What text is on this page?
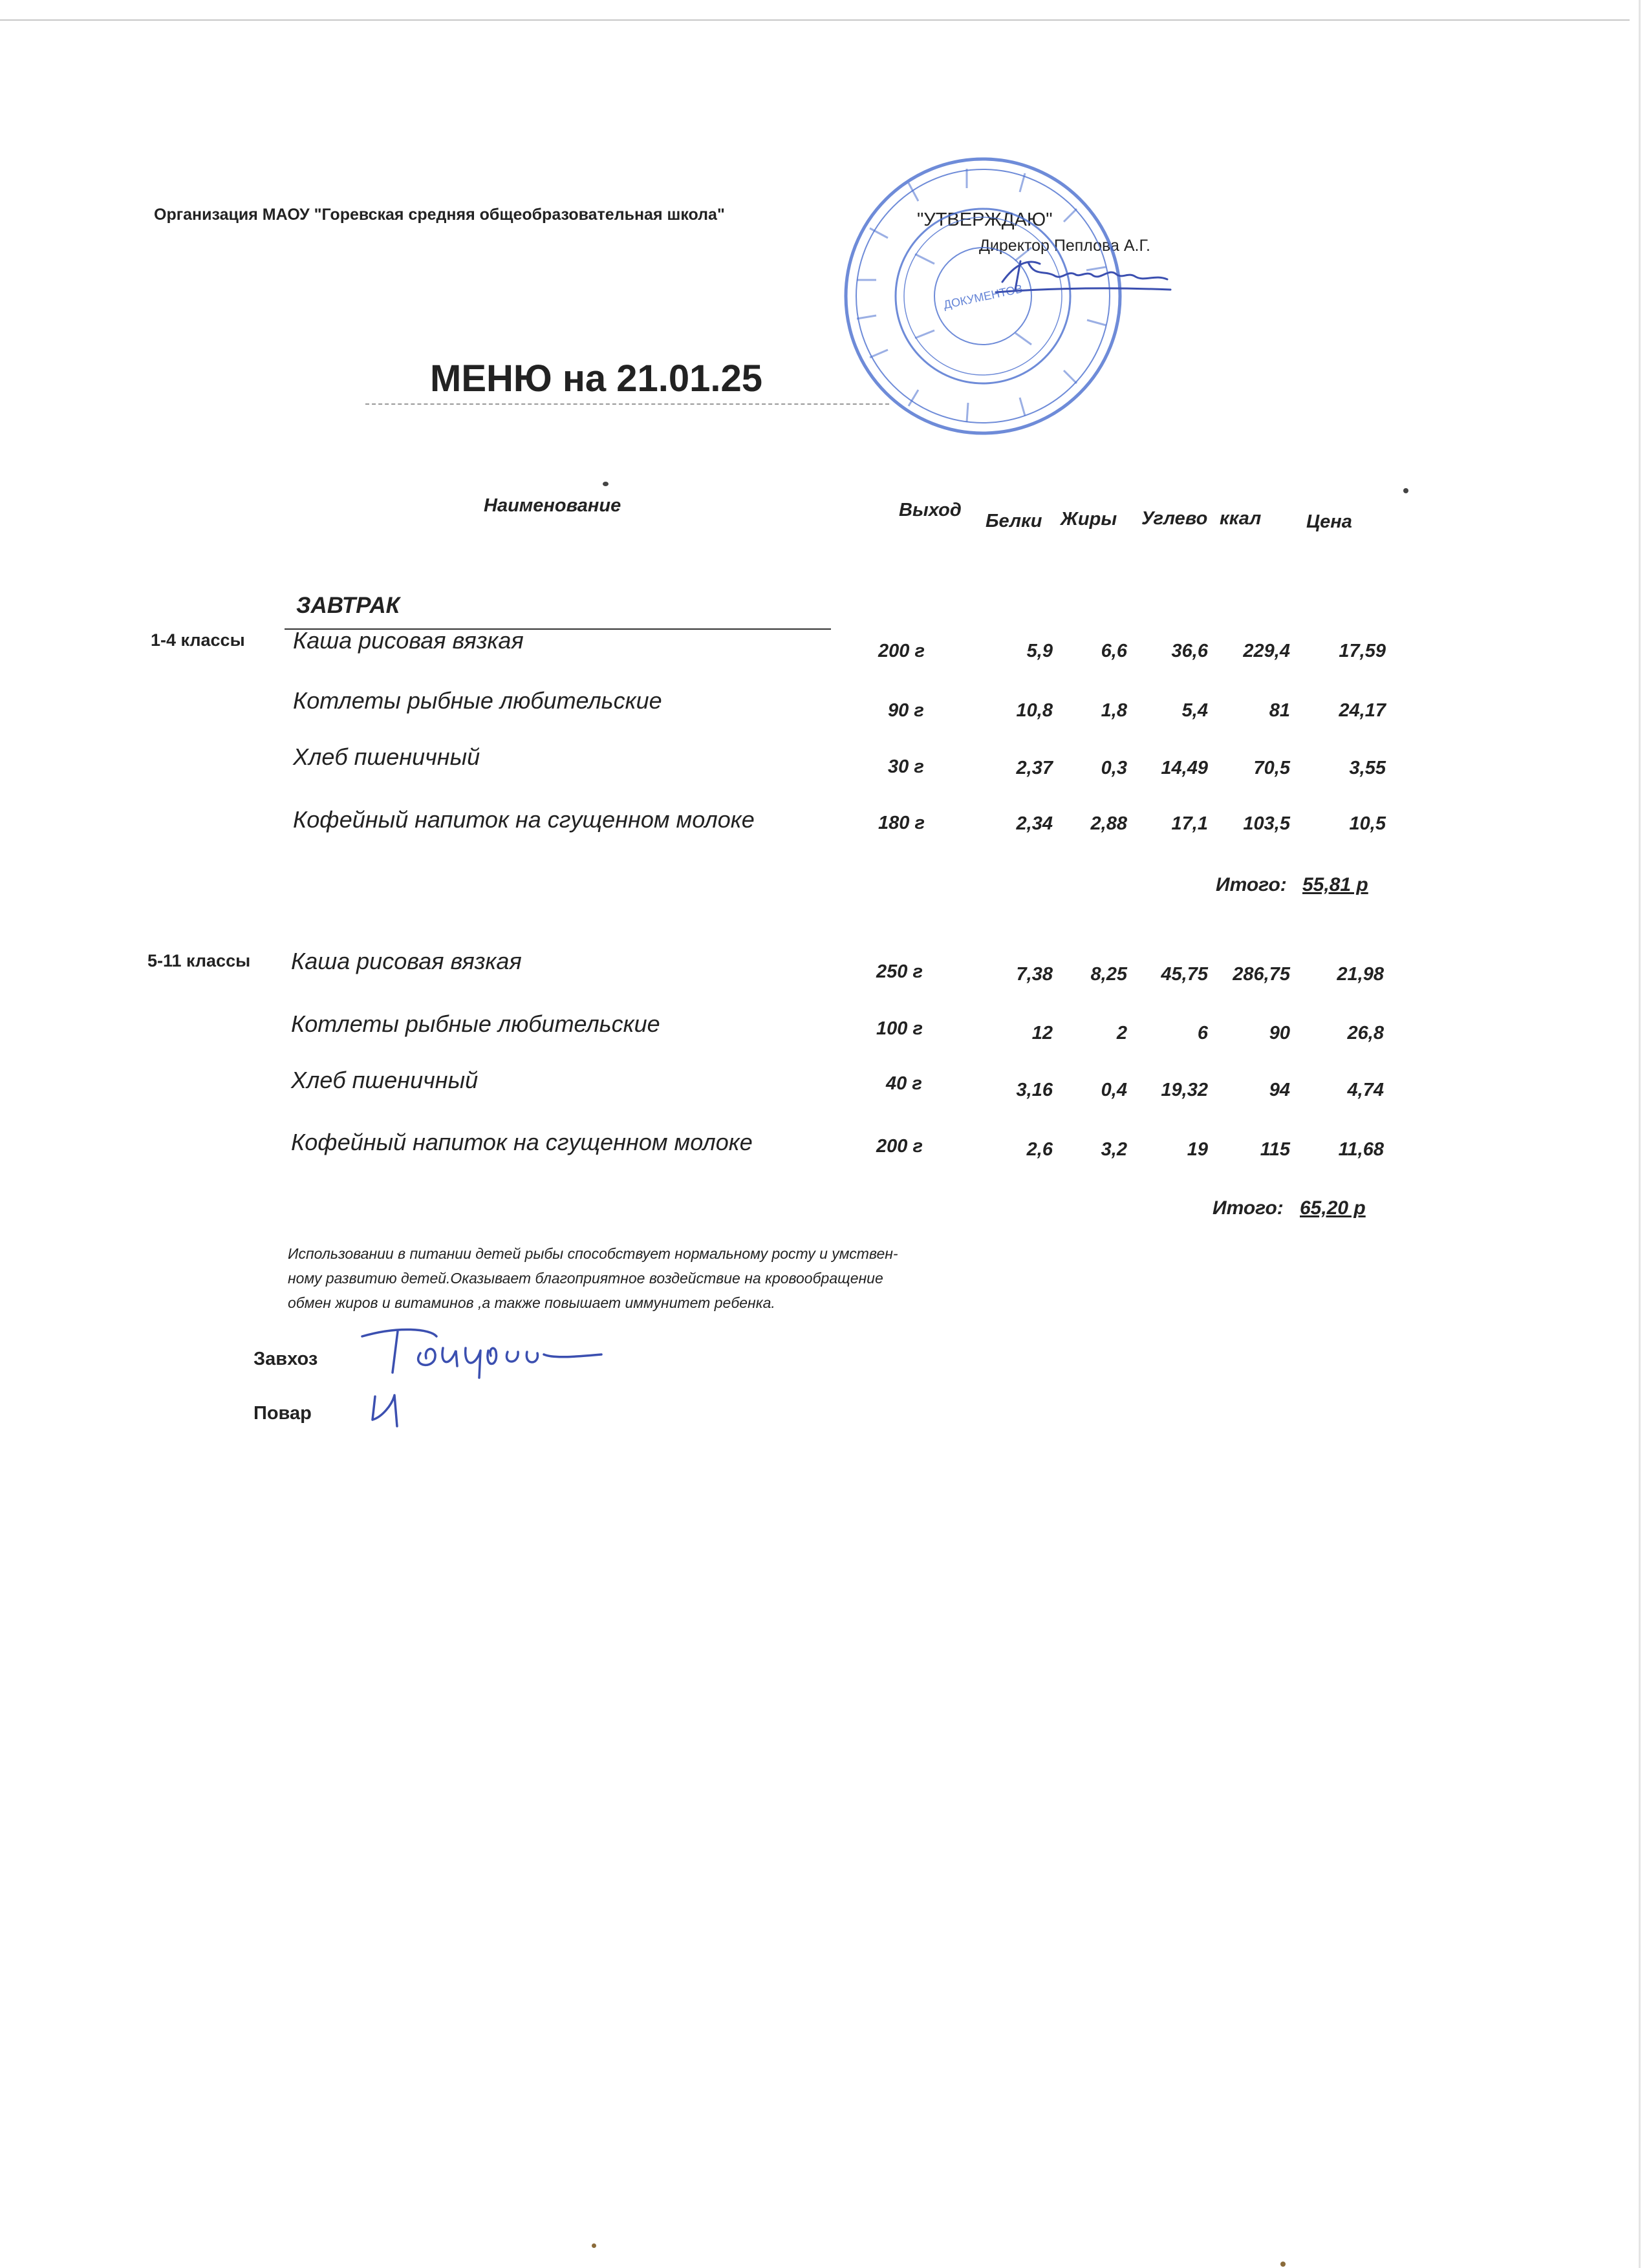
Организация МАОУ "Горевская средняя общеобразовательная школа"	"УТВЕРЖДАЮ"
Директор Пеплова А.Г.
ДОКУМЕНТОВ
МЕНЮ на 21.01.25
Наименование	Выход
Белки Жиры Углево ккал Цена
ЗАВТРАК
1-4 классы Каша рисовая вязкая	200 г	5,9	6,6	36,6	229,4	17,59
Котлеты рыбные любительские	90 г	10,8	1,8	5,4	81	24,17
Хлеб пшеничный	30 г	2,37	0,3	14,49	70,5	3,55
Кофейный напиток на сгущенном молоке	180 г	2,34	2,88	17,1	103,5	10,5
Итого: 55,81 р
5-11 классы Каша рисовая вязкая	250 г	7,38	8,25	45,75	286,75	21,98
Котлеты рыбные любительские	100 г	12	2	6	90	26,8
Хлеб пшеничный	40 г	3,16	0,4	19,32	94	4,74
Кофейный напиток на сгущенном молоке	200 г	2,6	3,2	19	115	11,68
Итого: 65,20 р
Использовании в питании детей рыбы способствует нормальному росту и умствен-
ному развитию детей.Оказывает благоприятное воздействие на кровообращение
обмен жиров и витаминов ,а также повышает иммунитет ребенка.
Завхоз
Повар
